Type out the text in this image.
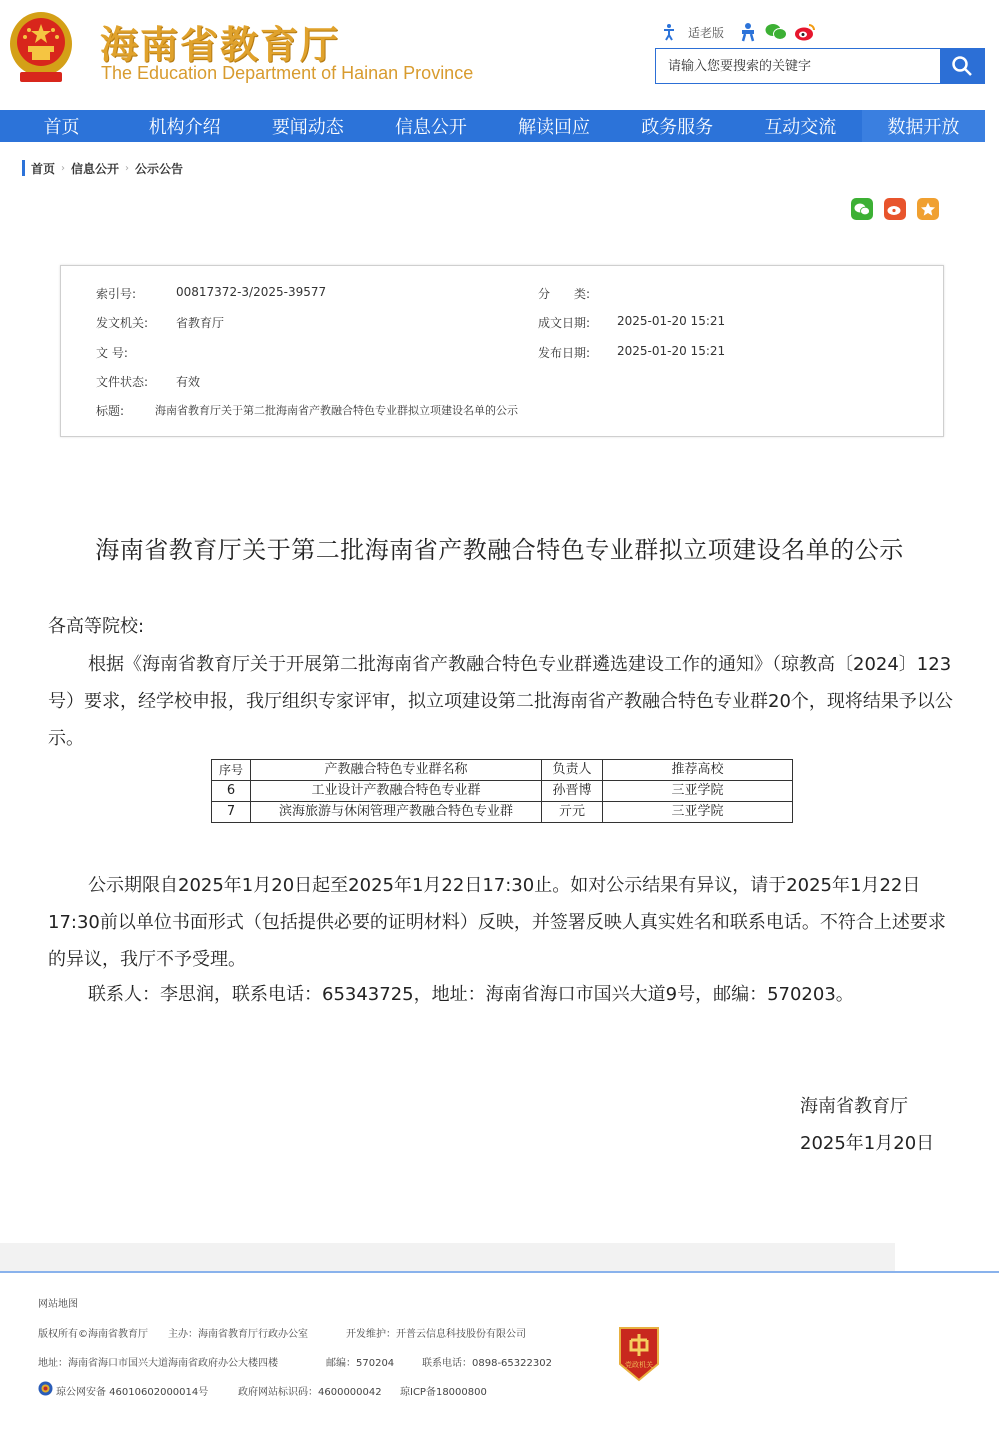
海南省教育厅
The Education Department of Hainan Province
适老版
请输入您要搜索的关键字
首页	机构介绍	要闻动态	信息公开	解读回应	政务服务	互动交流	数据开放
首页 › 信息公开 › 公示公告
索引号:	00817372-3/2025-39577	分　　类:
发文机关: 省教育厅	成文日期: 2025-01-20 15:21
文 号:	发布日期: 2025-01-20 15:21
文件状态: 有效
标题:	海南省教育厅关于第二批海南省产教融合特色专业群拟立项建设名单的公示
海南省教育厅关于第二批海南省产教融合特色专业群拟立项建设名单的公示
各高等院校:
根据《海南省教育厅关于开展第二批海南省产教融合特色专业群遴选建设工作的通知》（琼教高〔2024〕123号）要求，经学校申报，我厅组织专家评审，拟立项建设第二批海南省产教融合特色专业群20个，现将结果予以公示。
序号	产教融合特色专业群名称	负责人	推荐高校
6	工业设计产教融合特色专业群	孙晋博	三亚学院
7	滨海旅游与休闲管理产教融合特色专业群	亓元	三亚学院
公示期限自2025年1月20日起至2025年1月22日17:30止。如对公示结果有异议，请于2025年1月22日17:30前以单位书面形式（包括提供必要的证明材料）反映，并签署反映人真实姓名和联系电话。不符合上述要求的异议，我厅不予受理。
联系人：李思润，联系电话：65343725，地址：海南省海口市国兴大道9号，邮编：570203。
海南省教育厅
2025年1月20日
网站地图
版权所有©海南省教育厅 主办：海南省教育厅行政办公室	开发维护：开普云信息科技股份有限公司
地址：海南省海口市国兴大道海南省政府办公大楼四楼	邮编：570204	联系电话：0898-65322302
琼公网安备 46010602000014号	政府网站标识码：4600000042 琼ICP备18000800
党政机关
